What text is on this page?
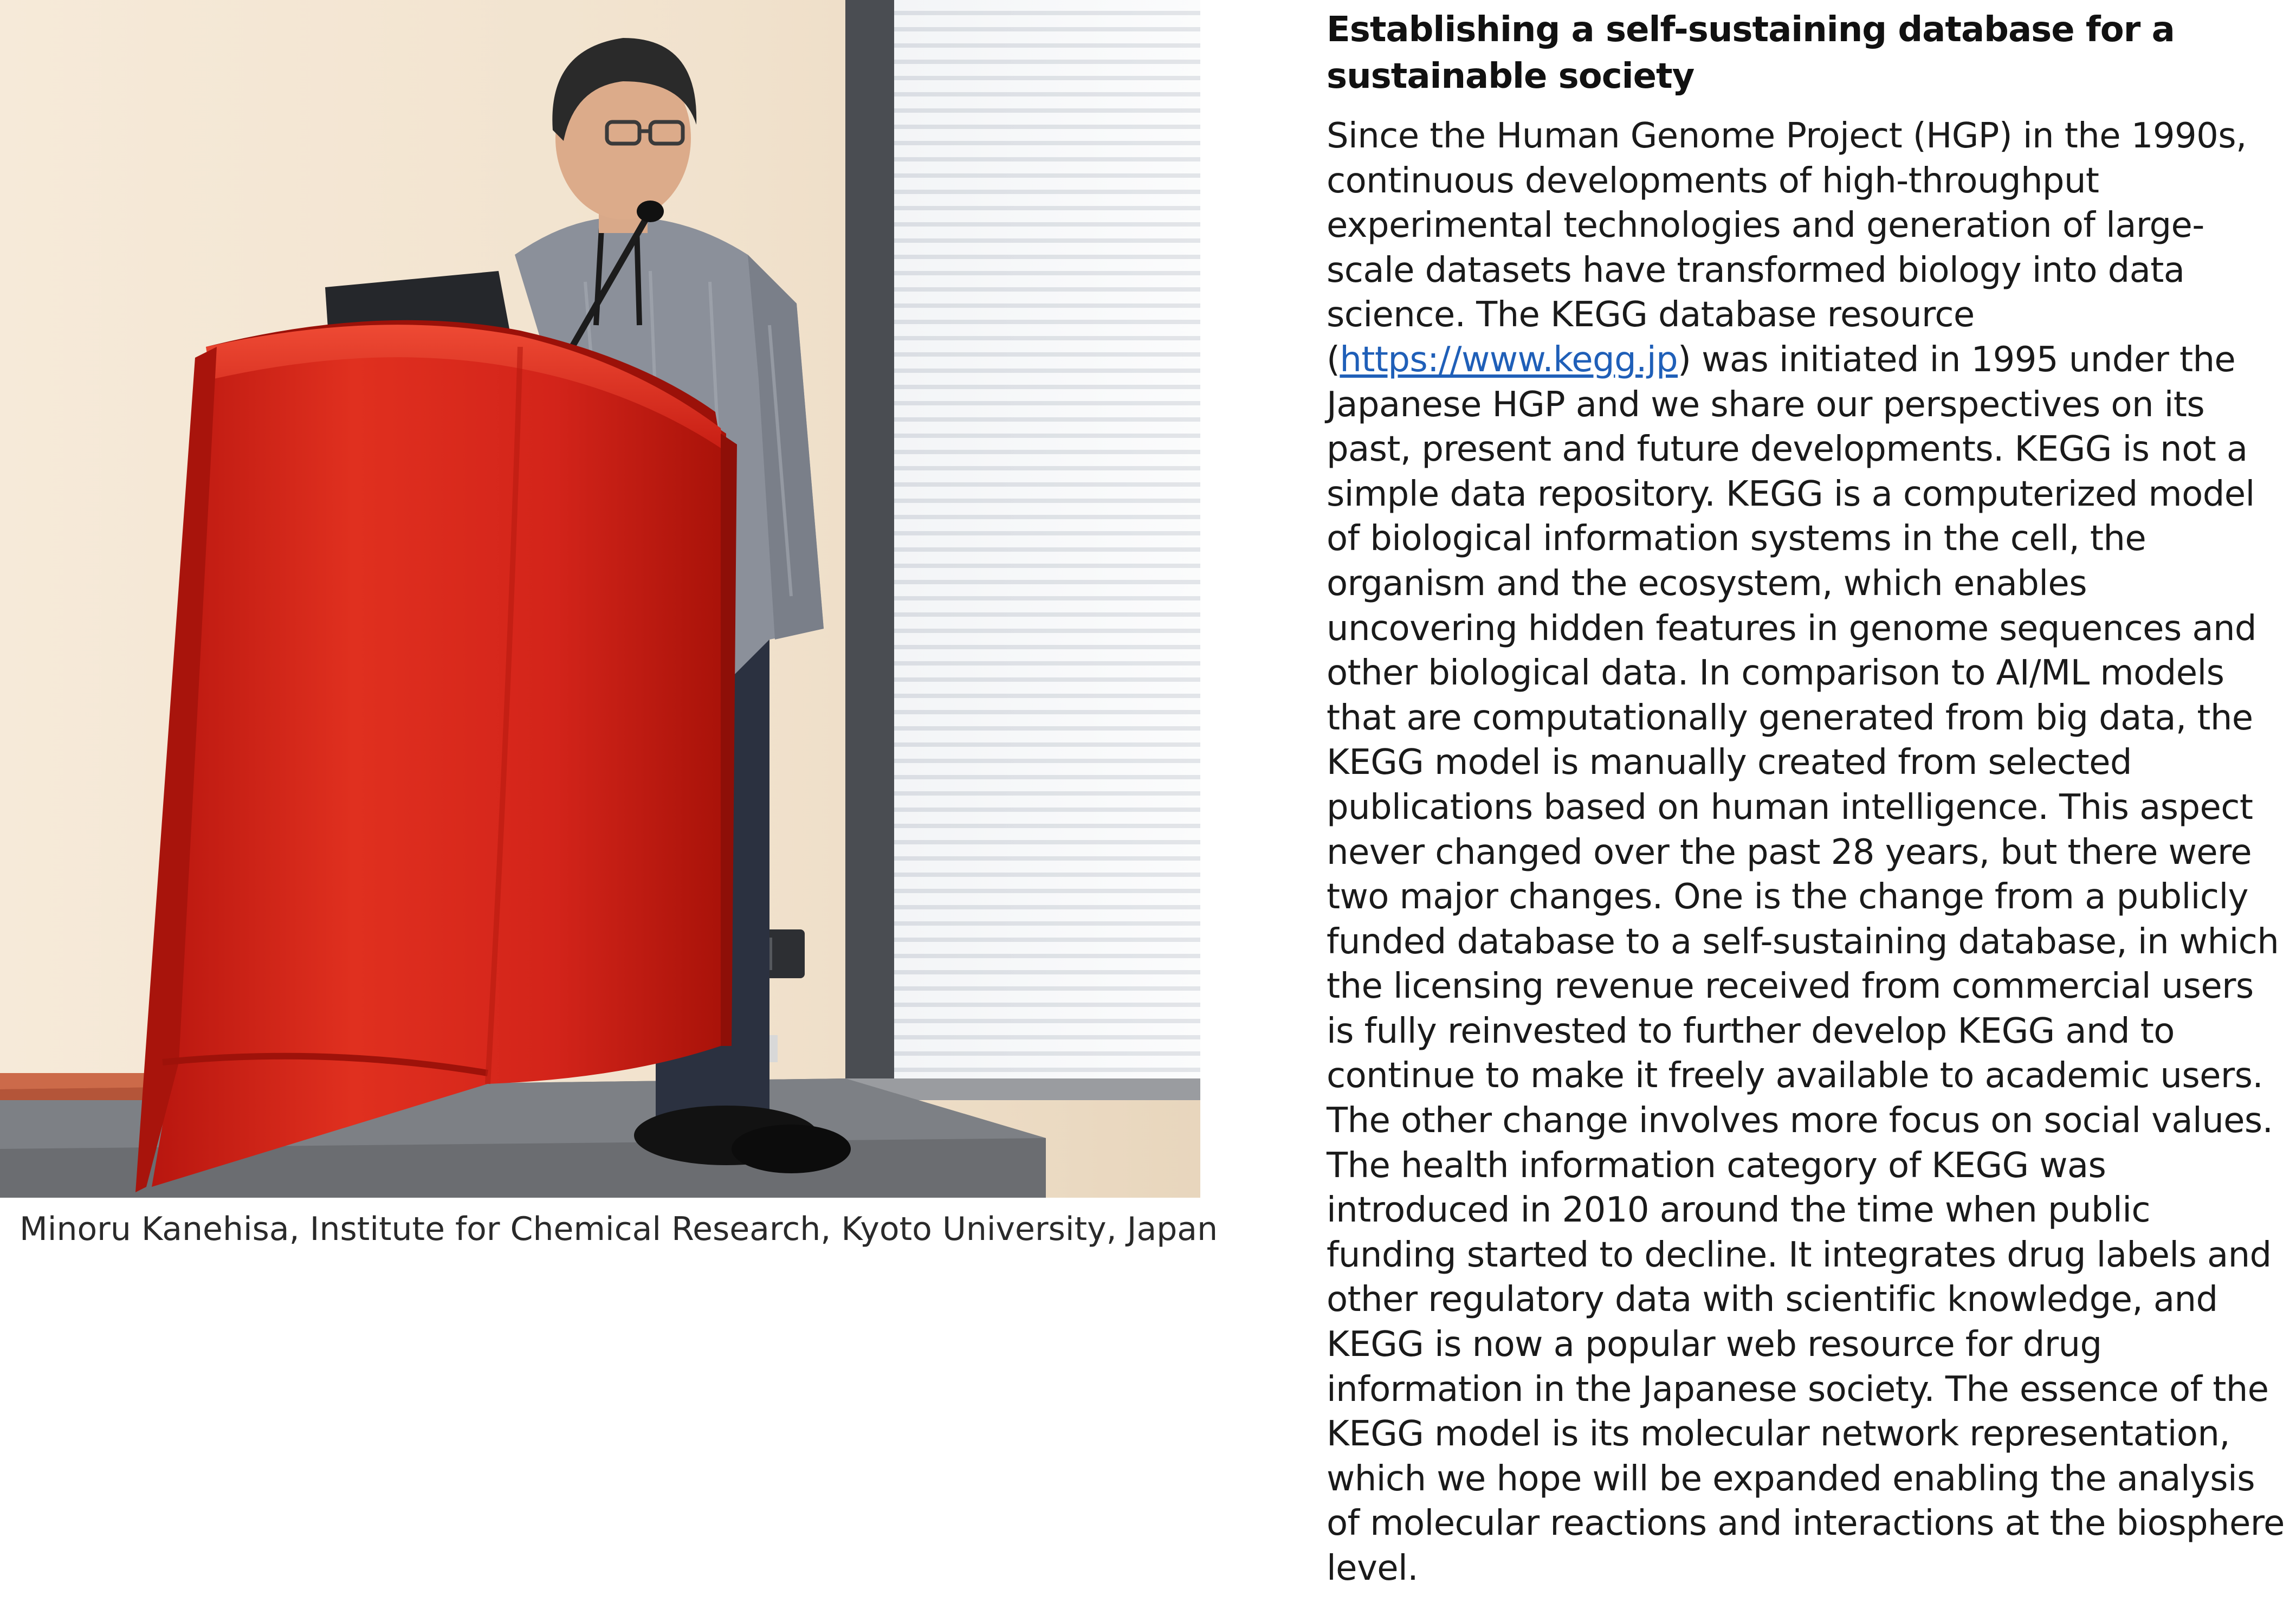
Minoru Kanehisa, Institute for Chemical Research, Kyoto University, Japan
Establishing a self-sustaining database for a sustainable society

Since the Human Genome Project (HGP) in the 1990s, continuous developments of high-throughput experimental technologies and generation of large-scale datasets have transformed biology into data science. The KEGG database resource (https://www.kegg.jp) was initiated in 1995 under the Japanese HGP and we share our perspectives on its past, present and future developments. KEGG is not a simple data repository. KEGG is a computerized model of biological information systems in the cell, the organism and the ecosystem, which enables uncovering hidden features in genome sequences and other biological data. In comparison to AI/ML models that are computationally generated from big data, the KEGG model is manually created from selected publications based on human intelligence. This aspect never changed over the past 28 years, but there were two major changes. One is the change from a publicly funded database to a self-sustaining database, in which the licensing revenue received from commercial users is fully reinvested to further develop KEGG and to continue to make it freely available to academic users. The other change involves more focus on social values. The health information category of KEGG was introduced in 2010 around the time when public funding started to decline. It integrates drug labels and other regulatory data with scientific knowledge, and KEGG is now a popular web resource for drug information in the Japanese society. The essence of the KEGG model is its molecular network representation, which we hope will be expanded enabling the analysis of molecular reactions and interactions at the biosphere level.
